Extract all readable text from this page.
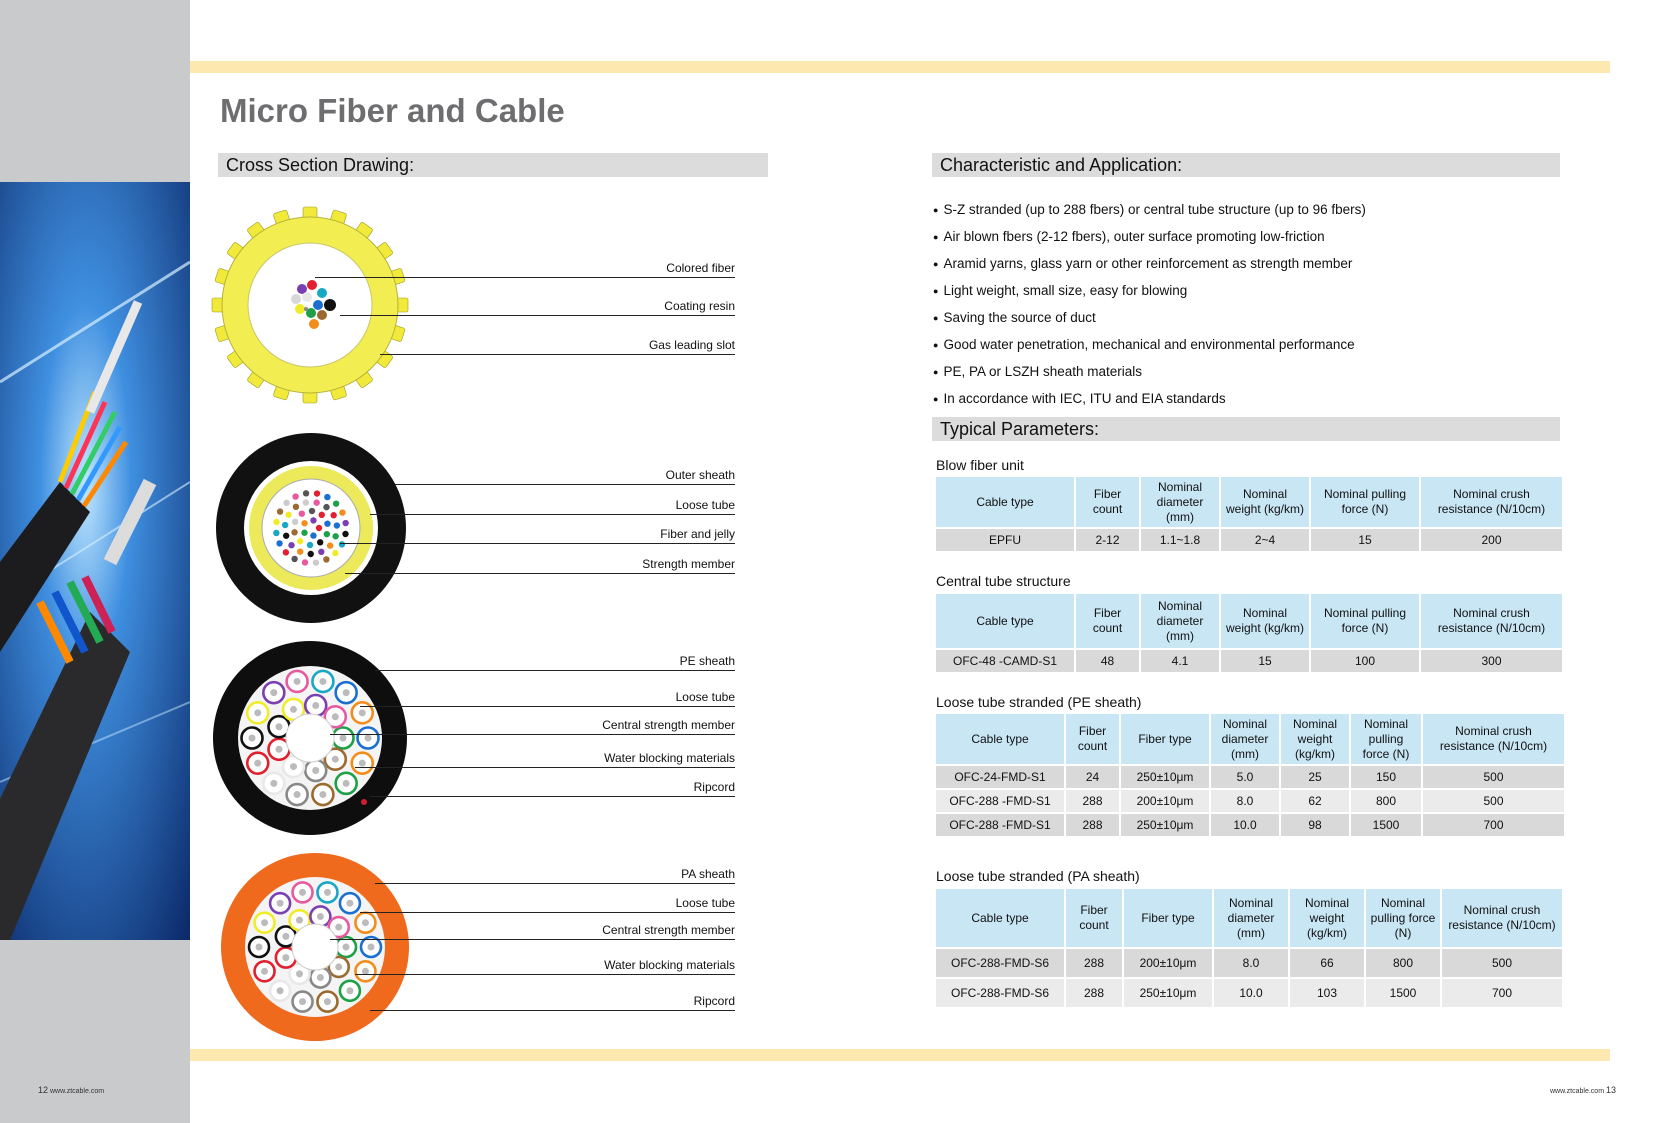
Micro Fiber and Cable
Cross Section Drawing:	Characteristic and Application:
Colored fiber
Coating resin
Gas leading slot
Outer sheath
Loose tube
Fiber and jelly
Strength member
PE sheath
Loose tube
Central strength member
Water blocking materials
Ripcord
PA sheath
Loose tube
Central strength member
Water blocking materials
Ripcord
● S-Z stranded (up to 288 fbers) or central tube structure (up to 96 fbers)
● Air blown fbers (2-12 fbers), outer surface promoting low-friction
● Aramid yarns, glass yarn or other reinforcement as strength member
● Light weight, small size, easy for blowing
● Saving the source of duct
● Good water penetration, mechanical and environmental performance
● PE, PA or LSZH sheath materials
● In accordance with IEC, ITU and EIA standards
Typical Parameters:
Blow fiber unit
Cable type	Fiber count	Nominal diameter (mm)	Nominal weight (kg/km)	Nominal pulling force (N)	Nominal crush resistance (N/10cm)
EPFU	2-12	1.1~1.8	2~4	15	200
Central tube structure
Cable type	Fiber count	Nominal diameter (mm)	Nominal weight (kg/km)	Nominal pulling force (N)	Nominal crush resistance (N/10cm)
OFC-48 -CAMD-S1	48	4.1	15	100	300
Loose tube stranded (PE sheath)
Cable type	Fiber count	Fiber type	Nominal diameter (mm)	Nominal weight (kg/km)	Nominal pulling force (N)	Nominal crush resistance (N/10cm)
OFC-24-FMD-S1	24	250±10μm	5.0	25	150	500
OFC-288 -FMD-S1	288	200±10μm	8.0	62	800	500
OFC-288 -FMD-S1	288	250±10μm	10.0	98	1500	700
Loose tube stranded (PA sheath)
Cable type	Fiber count	Fiber type	Nominal diameter (mm)	Nominal weight (kg/km)	Nominal pulling force (N)	Nominal crush resistance (N/10cm)
OFC-288-FMD-S6	288	200±10μm	8.0	66	800	500
OFC-288-FMD-S6	288	250±10μm	10.0	103	1500	700
12 www.ztcable.com	www.ztcable.com 13
